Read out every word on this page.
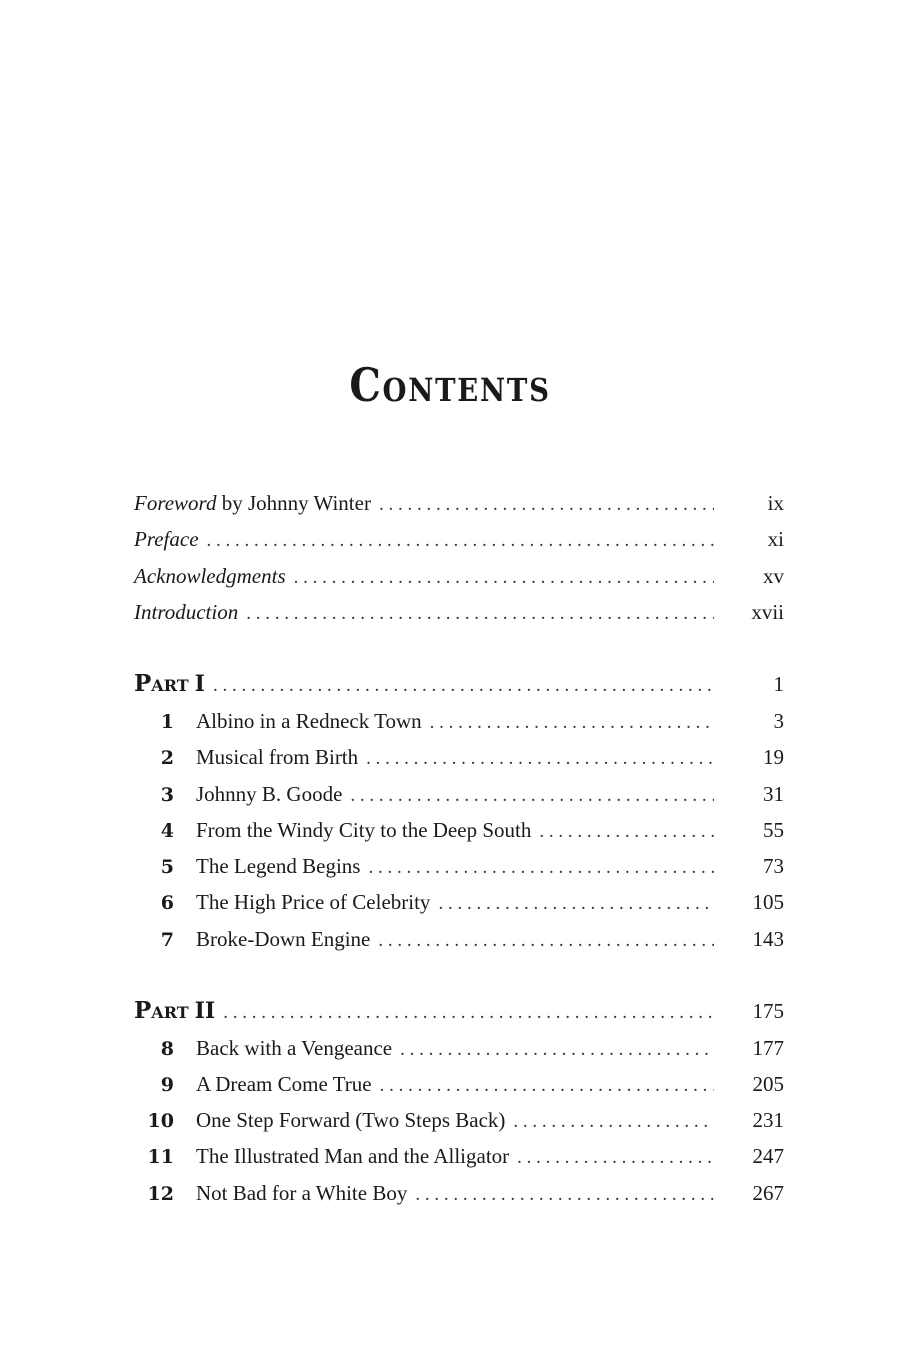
Contents
Foreword by Johnny Winter . . .	ix
Preface . . .	xi
Acknowledgments . . .	xv
Introduction . . .	xvii
Part I . . .	1
1 Albino in a Redneck Town . . .	3
2 Musical from Birth . . .	19
3 Johnny B. Goode . . .	31
4 From the Windy City to the Deep South . . .	55
5 The Legend Begins . . .	73
6 The High Price of Celebrity . . .	105
7 Broke-Down Engine . . .	143
Part II . . .	175
8 Back with a Vengeance . . .	177
9 A Dream Come True . . .	205
10 One Step Forward (Two Steps Back) . . .	231
11 The Illustrated Man and the Alligator . . .	247
12 Not Bad for a White Boy . . .	267
